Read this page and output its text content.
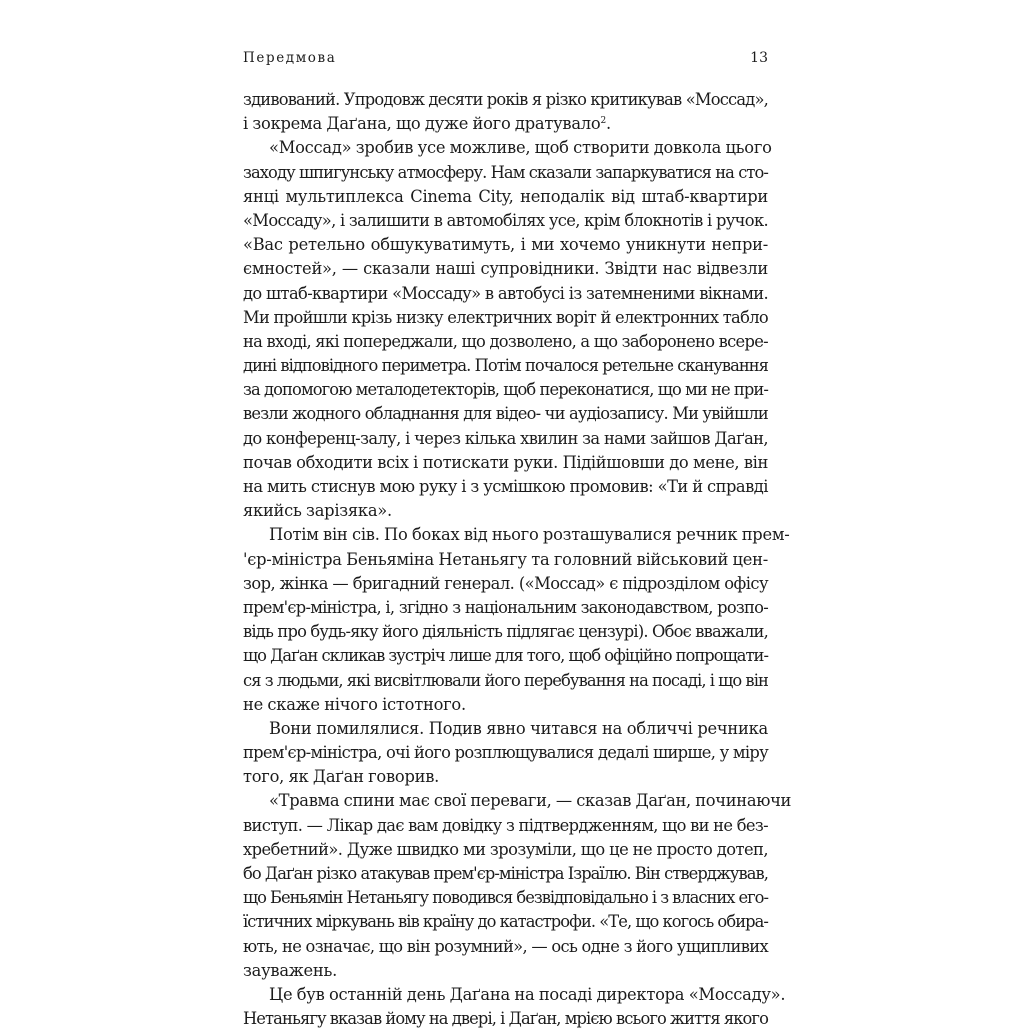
Передмова	13
здивований. Упродовж десяти років я різко критикував «Моссад»,
і зокрема Даґана, що дуже його дратувало$^2$.
«Моссад» зробив усе можливе, щоб створити довкола цього
заходу шпигунську атмосферу. Нам сказали запаркуватися на сто-
янці мультиплекса Cinema City, неподалік від штаб-квартири
«Моссаду», і залишити в автомобілях усе, крім блокнотів і ручок.
«Вас ретельно обшукуватимуть, і ми хочемо уникнути непри-
ємностей», — сказали наші супровідники. Звідти нас відвезли
до штаб-квартири «Моссаду» в автобусі із затемненими вікнами.
Ми пройшли крізь низку електричних воріт й електронних табло
на вході, які попереджали, що дозволено, а що заборонено всере-
дині відповідного периметра. Потім почалося ретельне сканування
за допомогою металодетекторів, щоб переконатися, що ми не при-
везли жодного обладнання для відео- чи аудіозапису. Ми увійшли
до конференц-залу, і через кілька хвилин за нами зайшов Даґан,
почав обходити всіх і потискати руки. Підійшовши до мене, він
на мить стиснув мою руку і з усмішкою промовив: «Ти й справді
якийсь зарізяка».
Потім він сів. По боках від нього розташувалися речник прем-
'єр-міністра Беньяміна Нетаньягу та головний військовий цен-
зор, жінка — бригадний генерал. («Моссад» є підрозділом офісу
прем'єр-міністра, і, згідно з національним законодавством, розпо-
відь про будь-яку його діяльність підлягає цензурі). Обоє вважали,
що Даґан скликав зустріч лише для того, щоб офіційно попрощати-
ся з людьми, які висвітлювали його перебування на посаді, і що він
не скаже нічого істотного.
Вони помилялися. Подив явно читався на обличчі речника
прем'єр-міністра, очі його розплющувалися дедалі ширше, у міру
того, як Даґан говорив.
«Травма спини має свої переваги, — сказав Даґан, починаючи
виступ. — Лікар дає вам довідку з підтвердженням, що ви не без-
хребетний». Дуже швидко ми зрозуміли, що це не просто дотеп,
бо Даґан різко атакував прем'єр-міністра Ізраїлю. Він стверджував,
що Беньямін Нетаньягу поводився безвідповідально і з власних его-
їстичних міркувань вів країну до катастрофи. «Те, що когось обира-
ють, не означає, що він розумний», — ось одне з його ущипливих
зауважень.
Це був останній день Даґана на посаді директора «Моссаду».
Нетаньягу вказав йому на двері, і Даґан, мрією всього життя якого
